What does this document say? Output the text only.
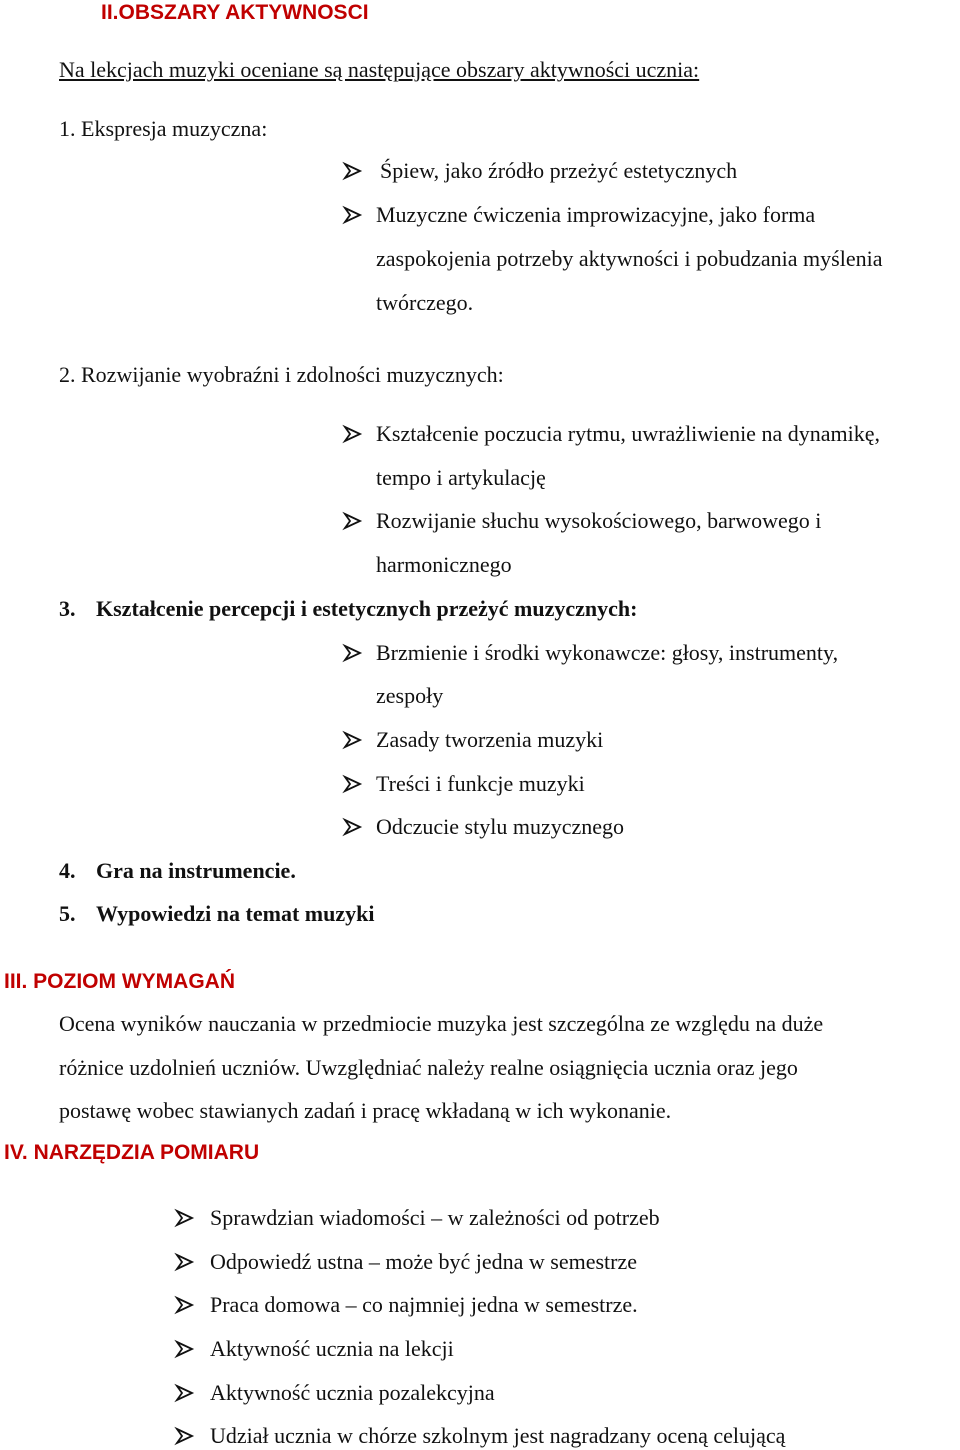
II.OBSZARY AKTYWNOSCI
Na lekcjach muzyki oceniane są następujące obszary aktywności ucznia:
1. Ekspresja muzyczna:
Śpiew, jako źródło przeżyć estetycznych
Muzyczne ćwiczenia improwizacyjne, jako forma
zaspokojenia potrzeby aktywności i pobudzania myślenia
twórczego.
2. Rozwijanie wyobraźni i zdolności muzycznych:
Kształcenie poczucia rytmu, uwrażliwienie na dynamikę,
tempo i artykulację
Rozwijanie słuchu wysokościowego, barwowego i
harmonicznego
3. Kształcenie percepcji i estetycznych przeżyć muzycznych:
Brzmienie i środki wykonawcze: głosy, instrumenty,
zespoły
Zasady tworzenia muzyki
Treści i funkcje muzyki
Odczucie stylu muzycznego
4. Gra na instrumencie.
5. Wypowiedzi na temat muzyki
III. POZIOM WYMAGAŃ
Ocena wyników nauczania w przedmiocie muzyka jest szczególna ze względu na duże
różnice uzdolnień uczniów. Uwzględniać należy realne osiągnięcia ucznia oraz jego
postawę wobec stawianych zadań i pracę wkładaną w ich wykonanie.
IV. NARZĘDZIA POMIARU
Sprawdzian wiadomości – w zależności od potrzeb
Odpowiedź ustna – może być jedna w semestrze
Praca domowa – co najmniej jedna w semestrze.
Aktywność ucznia na lekcji
Aktywność ucznia pozalekcyjna
Udział ucznia w chórze szkolnym jest nagradzany oceną celującą
